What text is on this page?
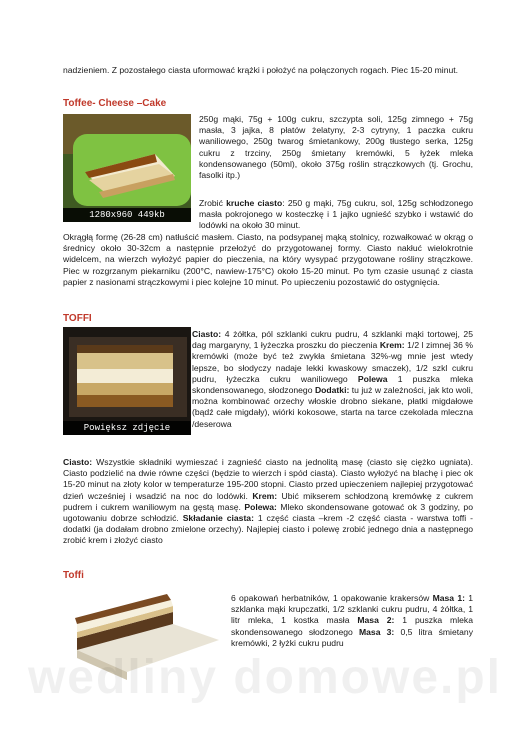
nadzieniem. Z pozostałego ciasta uformować krążki i położyć na połączonych rogach. Piec 15-20 minut.
Toffee- Cheese –Cake
1280x960 449kb
250g mąki, 75g + 100g cukru, szczypta soli, 125g zimnego + 75g masła, 3 jajka, 8 płatów żelatyny, 2-3 cytryny, 1 paczka cukru waniliowego, 250g twarog śmietankowy, 200g tłustego serka, 125g cukru z trzciny, 250g śmietany kremówki, 5 łyżek mleka kondensowanego (50ml), około 375g roślin strączkowych (tj. Grochu, fasolki itp.)
Zrobić kruche ciasto: 250 g mąki, 75g cukru, sol, 125g schłodzonego masła pokrojonego w kosteczkę i 1 jajko ugnieść szybko i wstawić do lodówki na około 30 minut.
Okrągłą formę (26-28 cm) natłuścić masłem. Ciasto, na podsypanej mąką stolnicy, rozwałkować w okrąg o średnicy około 30-32cm a następnie przełożyć do przygotowanej formy. Ciasto nakłuć wielokrotnie widelcem, na wierzch wyłożyć papier do pieczenia, na który wysypać przygotowane rośliny strączkowe. Piec w rozgrzanym piekarniku (200°C, nawiew-175°C) około 15-20 minut. Po tym czasie usunąć z ciasta papier z nasionami strączkowymi i piec kolejne 10 minut. Po upieczeniu pozostawić do ostygnięcia.
TOFFI
Powiększ zdjęcie
Ciasto: 4 żółtka, pól szklanki cukru pudru, 4 szklanki mąki tortowej, 25 dag margaryny, 1 łyżeczka proszku do pieczenia Krem: 1/2 l zimnej 36 % kremówki (może być też zwykła śmietana 32%-wg mnie jest wtedy lepsze, bo słodyczy nadaje lekki kwaskowy smaczek), 1/2 szkl cukru pudru, łyżeczka cukru waniliowego Polewa 1 puszka mleka skondensowanego, słodzonego Dodatki: tu już w zależności, jak kto woli, można kombinować orzechy włoskie drobno siekane, płatki migdałowe (bądź całe migdały), wiórki kokosowe, starta na tarce czekolada mleczna /deserowa
Ciasto: Wszystkie składniki wymieszać i zagnieść ciasto na jednolitą masę (ciasto się ciężko ugniata). Ciasto podzielić na dwie równe części (będzie to wierzch i spód ciasta). Ciasto wyłożyć na blachę i piec ok 15-20 minut na złoty kolor w temperaturze 195-200 stopni. Ciasto przed upieczeniem najlepiej przygotować dzień wcześniej i wsadzić na noc do lodówki. Krem: Ubić mikserem schłodzoną kremówkę z cukrem pudrem i cukrem waniliowym na gęstą masę. Polewa: Mleko skondensowane gotować ok 3 godziny, po ugotowaniu dobrze schłodzić. Składanie ciasta: 1 część ciasta –krem -2 część ciasta - warstwa toffi -dodatki (ja dodałam drobno zmielone orzechy). Najlepiej ciasto i polewę zrobić jednego dnia a następnego zrobić krem i złożyć ciasto
Toffi
6 opakowań herbatników, 1 opakowanie krakersów Masa 1: 1 szklanka mąki krupczatki, 1/2 szklanki cukru pudru, 4 żółtka, 1 litr mleka, 1 kostka masła Masa 2: 1 puszka mleka skondensowanego słodzonego Masa 3: 0,5 litra śmietany kremówki, 2 łyżki cukru pudru
wedliny domowe.pl
